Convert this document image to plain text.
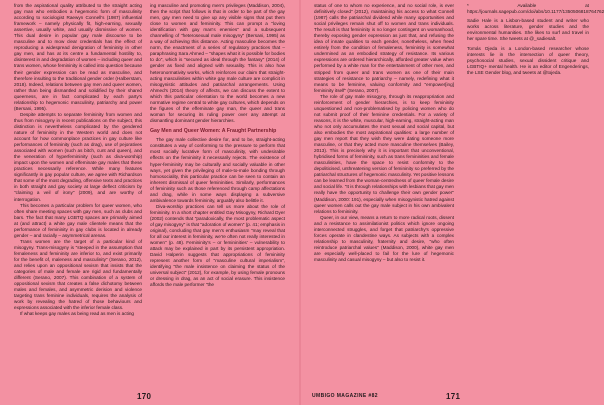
from the aspirational quality attributed to the straight acting gay man who embodies a hegemonic form of masculinity according to sociologist Raewyn Connell's (1987) influential framework – namely physically fit, high-earning, sexually assertive, usually white, and usually dismissive of women. This dual desire in popular gay male discourse to be masculine and to mow clear credentials has the effect of reproducing a widespread denigration of femininity in other gay men, and has at its centre a fundamental hostility to, disinterest in and degradation of women – including queer and trans women, whose femininity is called into question because their gender expression can be read as masculine, and therefore insulting to the traditional gender order (Halberstam, 2018). Indeed, relations between gay men and queer women, rather than being dismantled and solidified by their shared queerness, are in fact complicated by each party's relationship to hegemonic masculinity, patriarchy and power (Bersani, 1995).

Despite attempts to separate femininity from women and thus from misogyny in recent publications on the subject, this distinction is nevertheless complicated by the gendered nature of femininity in the Western world and does not account for how commonplace practices in gay culture like performances of femininity (such as drag), use of pejoratives associated with women (such as bitch, cunt and queen), and the veneration of hyperfemininity (such as diva-worship) impact upon the women and effeminate gay males that these practices necessarily reference. While many features significantly in gay popular culture, we agree with Richardson that some of the most degrading, offensive texts and practices in both straight and gay society at large deflect criticism by "claiming a veil of irony" (2009), and are worthy of interrogation.

This becomes a particular problem for queer women, who often share meeting spaces with gay men, such as clubs and bars. The fact that many LGBTQ spaces are primarily aimed at (and attract) a white gay male clientele means that the performance of femininity in gay clubs is located in already gender – and racially – asymmetrical arenas.

Trans women are the target of a particular kind of misogyny. Trans-misogyny is "steeped in the assumption that femaleness and femininity are inferior to, and exist primarily for the benefit of, maleness and masculinity" (Serano, 2012), and relies upon an oppositional sexism that insists that the categories of male and female are rigid and fundamentally different (Serano, 2007). This combination of a system of oppositional sexism that creates a false dichotomy between males and females, and asymmetric derision and violence targeting trans feminine individuals, requires the analysis of work by revealing the hatred of those behaviours and expressions associated with the inferior female class.

If what keeps gay males as being read as men is acting

ing masculine and promoting men's privileges (Maddison, 2004), then the script that follows is that in order to be part of the gay men, gay men need to give up any visible signs that put them close to women and femininity. This can prompt a "loving identification with gay man's enemies" and a subsequent channelling of "heterosexual male misogyny" (Bersani, 1995) as a way of achieving this distance. Acting masculine becomes the norm, the enactment of a series of regulatory practices that – paraphrasing Sara Ahmed – "shapes what it is possible for bodies to do", which is "secured as ideal through the fantasy" (2014) of gender as fixed and aligned with sexuality. This is also how heteronormativity works, which reinforces our claim that straight-acting masculinities within white gay male culture are complicit in misogynistic attitudes and patriarchal arrangements. Using Ahmed's (2014) theory of affects, we can discuss the extent to which this particular orientation to the world becomes a new normative regime central to white gay cultures, which depends on the figures of the effeminate gay man, the queer and trans woman for securing its ruling power over any attempt at dismantling dominant gender hierarchies.

Gay Men and Queer Women: A Fraught Partnership

The gay male collective desire for, and to be, straight-acting constitutes a way of conforming to the pressure to perform that most socially lucrative form of masculinity, with undesirable effects on the femininity it necessarily rejects. The existence of hyper-femininity may be culturally and socially valuable in other ways, yet given the privileging of male-to-male bonding through homosociality, this particular practice can be seen to contain an inherent dismissal of queer femininities. Similarly, performances of femininity such as those referenced through camp affectations and drag, while in some ways displaying a subversive ambivalence towards femininity, arguably also belittle it.

Diva-worship practices can tell us more about the role of femininity. In a short chapter entitled Gay Misogyny, Richard Dyer (2002) contends that "paradoxically, the most problematic aspect of gay misogyny" is that "adoration of women" (p. 41; emphasis in original), concluding that gay men's enthusiasm "may reveal that for all our interest in femininity, we're often not really interested in women" (p. 48). Femininity's – or femininities' – vulnerability to attack may be explained in part by its persistent appropriation. David Halperin suggests that appropriations of femininity represent another form of "masculine cultural imperialism", identifying "the male insistence on claiming the status of the universal subject" (2012), for example, by using female pronouns or dressing in drag, as an act of social erasure. This insistence affords the male performer "the

170

status of one to whom no experience, and no social role, is ever definitively closed" (2012), maintaining his access to what Connell (1987) calls the patriarchal dividend while many opportunities and social privileges remain shut off to women and trans individuals. The result is that femininity is no longer contingent on womanhood, thereby exposing gender expression as just that, and refusing the idea of innate qualities to each gender, nonetheless, when freed entirely from the condition of femaleness, femininity is somewhat undermined as an embodied strategy of resistance. Its various expressions are ordered hierarchically, afforded greater value when performed by a white man for the entertainment of other men, and stripped from queer and trans women as one of their main strategies of resistance to patriarchy – namely, redefining what it means to be feminine, valuing conformity and "empower[ing] femininity itself" (Serano, 2007).

The role of gay male misogyny, through its reappropriation and reinforcement of gender hierarchies, is to keep femininity unquestioned and non-problematised by policing women who do not submit proof of their feminine credentials. For a variety of reasons, it is the white, muscular, high-earning, straight-acting man who not only accumulates the most sexual and social capital, but also embodies the most aspirational qualities: a large number of gay men report that they wish they were dating someone more masculine, or that they acted more masculine themselves (Bailey, 2013). This is precisely why it is important that unconventional, hybridised forms of femininity, such as trans femininities and female masculinities, have the space to resist conformity to the depoliticised, unthreatening version of femininity so preferred by the patriarchal structures of hegemonic masculinity. Yet positive lessons can be learned from the woman-centredness of queer female desire and social life. "It is through relationships with lesbians that gay men really have the opportunity to challenge their own gender power" (Maddison, 2000: 191), especially when misogynistic hatred against queer women calls out the gay male subject in his own ambivalent relations to femininity.

Queer, in our view, means a return to more radical roots, dissent and a resistance to assimilationist politics which ignore ongoing interconnected struggles, and forget that patriarchy's oppressive forces operate in clandestine ways. As subjects with a complex relationship to masculinity, fraternity and desire, "who often reintroduce patriarchal values" (Maddison, 2000), white gay men are especially well-placed to fail for the lure of hegemonic masculinity and casual misogyny – but also to resist it.

* Available at https://journals.sagepub.com/doi/abs/10.1177/1350506818764762

Sadie Hale is a Lisbon-based student and writer who works across literature, gender studies and the environmental humanities. She likes to surf and travel in her spare time. She tweets at @_sadiesalt.

Tomás Ojeda is a London-based researcher whose interests lie in the intersection of queer theory, psychosocial studies, sexual dissident critique and LGBTIQ+ mental health. He is an editor of Engenderings, the LSE Gender blog, and tweets at @tojeda.

UMBIGO MAGAZINE #82	171
